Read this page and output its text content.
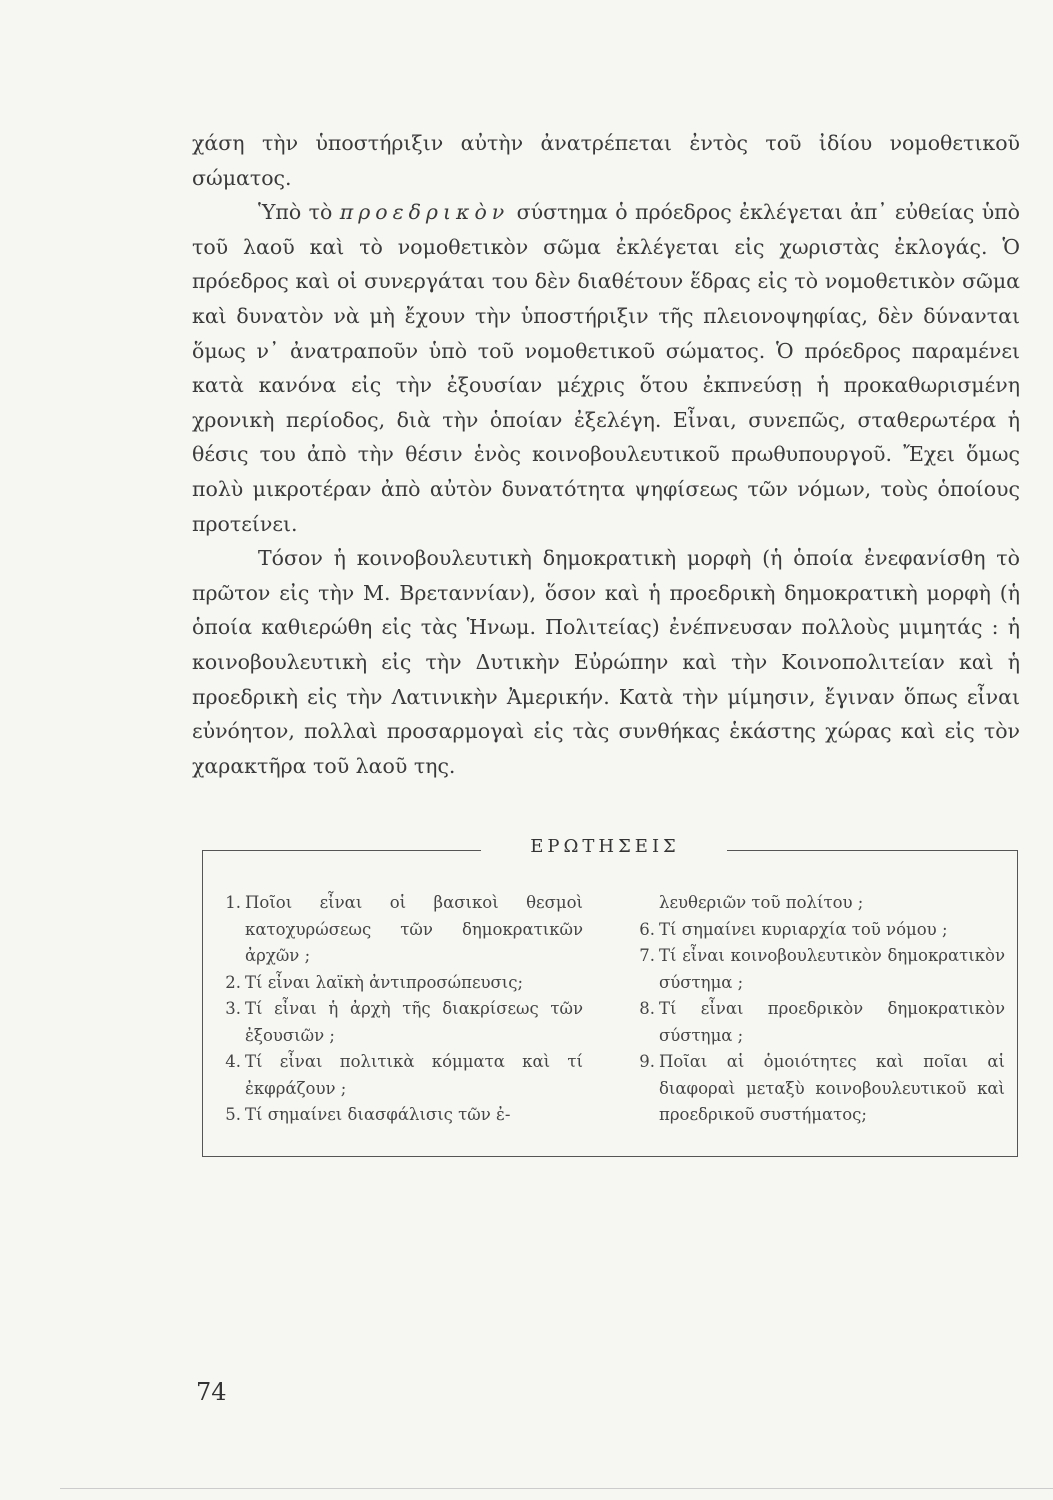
χάση τὴν ὑποστήριξιν αὐτὴν ἀνατρέπεται ἐντὸς τοῦ ἰδίου νομοθετικοῦ σώματος.

Ὑπὸ τὸ προεδρικὸν σύστημα ὁ πρόεδρος ἐκλέγεται ἀπ᾽ εὐθείας ὑπὸ τοῦ λαοῦ καὶ τὸ νομοθετικὸν σῶμα ἐκλέγεται εἰς χωριστὰς ἐκλογάς. Ὁ πρόεδρος καὶ οἱ συνεργάται του δὲν διαθέτουν ἕδρας εἰς τὸ νομοθετικὸν σῶμα καὶ δυνατὸν νὰ μὴ ἔχουν τὴν ὑποστήριξιν τῆς πλειονοψηφίας, δὲν δύνανται ὅμως ν᾽ ἀνατραποῦν ὑπὸ τοῦ νομοθετικοῦ σώματος. Ὁ πρόεδρος παραμένει κατὰ κανόνα εἰς τὴν ἐξουσίαν μέχρις ὅτου ἐκπνεύσῃ ἡ προκαθωρισμένη χρονικὴ περίοδος, διὰ τὴν ὁποίαν ἐξελέγη. Εἶναι, συνεπῶς, σταθερωτέρα ἡ θέσις του ἀπὸ τὴν θέσιν ἑνὸς κοινοβουλευτικοῦ πρωθυπουργοῦ. Ἔχει ὅμως πολὺ μικροτέραν ἀπὸ αὐτὸν δυνατότητα ψηφίσεως τῶν νόμων, τοὺς ὁποίους προτείνει.

Τόσον ἡ κοινοβουλευτικὴ δημοκρατικὴ μορφὴ (ἡ ὁποία ἐνεφανίσθη τὸ πρῶτον εἰς τὴν Μ. Βρεταννίαν), ὅσον καὶ ἡ προεδρικὴ δημοκρατικὴ μορφὴ (ἡ ὁποία καθιερώθη εἰς τὰς Ἡνωμ. Πολιτείας) ἐνέπνευσαν πολλοὺς μιμητάς : ἡ κοινοβουλευτικὴ εἰς τὴν Δυτικὴν Εὐρώπην καὶ τὴν Κοινοπολιτείαν καὶ ἡ προεδρικὴ εἰς τὴν Λατινικὴν Ἀμερικήν. Κατὰ τὴν μίμησιν, ἔγιναν ὅπως εἶναι εὐνόητον, πολλαὶ προσαρμογαὶ εἰς τὰς συνθήκας ἑκάστης χώρας καὶ εἰς τὸν χαρακτῆρα τοῦ λαοῦ της.

ΕΡΩΤΗΣΕΙΣ
1. Ποῖοι εἶναι οἱ βασικοὶ θεσμοὶ κατοχυρώσεως τῶν δημοκρατικῶν ἀρχῶν ;
2. Τί εἶναι λαϊκὴ ἀντιπροσώπευσις;
3. Τί εἶναι ἡ ἀρχὴ τῆς διακρίσεως τῶν ἐξουσιῶν ;
4. Τί εἶναι πολιτικὰ κόμματα καὶ τί ἐκφράζουν ;
5. Τί σημαίνει διασφάλισις τῶν ἐ-
λευθεριῶν τοῦ πολίτου ;
6. Τί σημαίνει κυριαρχία τοῦ νόμου ;
7. Τί εἶναι κοινοβουλευτικὸν δημοκρατικὸν σύστημα ;
8. Τί εἶναι προεδρικὸν δημοκρατικὸν σύστημα ;
9. Ποῖαι αἱ ὁμοιότητες καὶ ποῖαι αἱ διαφοραὶ μεταξὺ κοινοβουλευτικοῦ καὶ προεδρικοῦ συστήματος;
74
